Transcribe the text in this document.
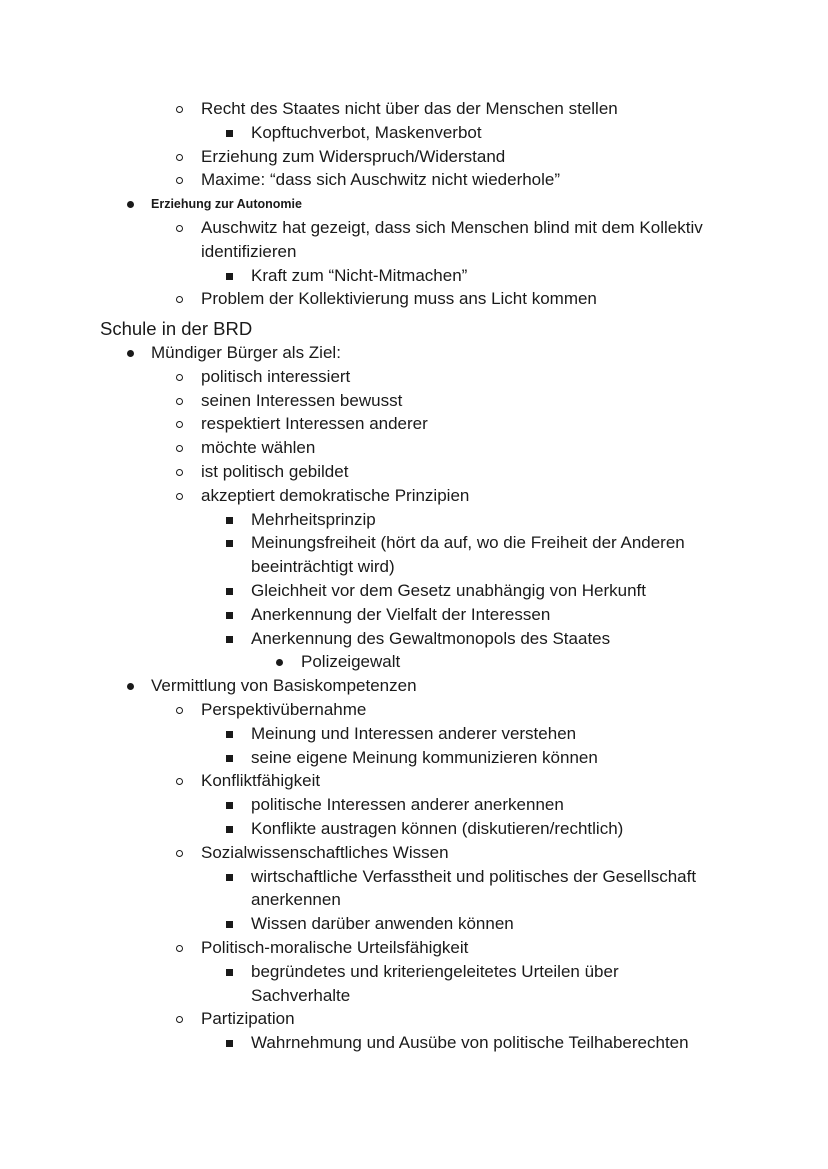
Recht des Staates nicht über das der Menschen stellen
Kopftuchverbot, Maskenverbot
Erziehung zum Widerspruch/Widerstand
Maxime: “dass sich Auschwitz nicht wiederhole”
Erziehung zur Autonomie
Auschwitz hat gezeigt, dass sich Menschen blind mit dem Kollektiv
identifizieren
Kraft zum “Nicht-Mitmachen”
Problem der Kollektivierung muss ans Licht kommen
Schule in der BRD
Mündiger Bürger als Ziel:
politisch interessiert
seinen Interessen bewusst
respektiert Interessen anderer
möchte wählen
ist politisch gebildet
akzeptiert demokratische Prinzipien
Mehrheitsprinzip
Meinungsfreiheit (hört da auf, wo die Freiheit der Anderen
beeinträchtigt wird)
Gleichheit vor dem Gesetz unabhängig von Herkunft
Anerkennung der Vielfalt der Interessen
Anerkennung des Gewaltmonopols des Staates
Polizeigewalt
Vermittlung von Basiskompetenzen
Perspektivübernahme
Meinung und Interessen anderer verstehen
seine eigene Meinung kommunizieren können
Konfliktfähigkeit
politische Interessen anderer anerkennen
Konflikte austragen können (diskutieren/rechtlich)
Sozialwissenschaftliches Wissen
wirtschaftliche Verfasstheit und politisches der Gesellschaft
anerkennen
Wissen darüber anwenden können
Politisch-moralische Urteilsfähigkeit
begründetes und kriteriengeleitetes Urteilen über
Sachverhalte
Partizipation
Wahrnehmung und Ausübe von politische Teilhaberechten
